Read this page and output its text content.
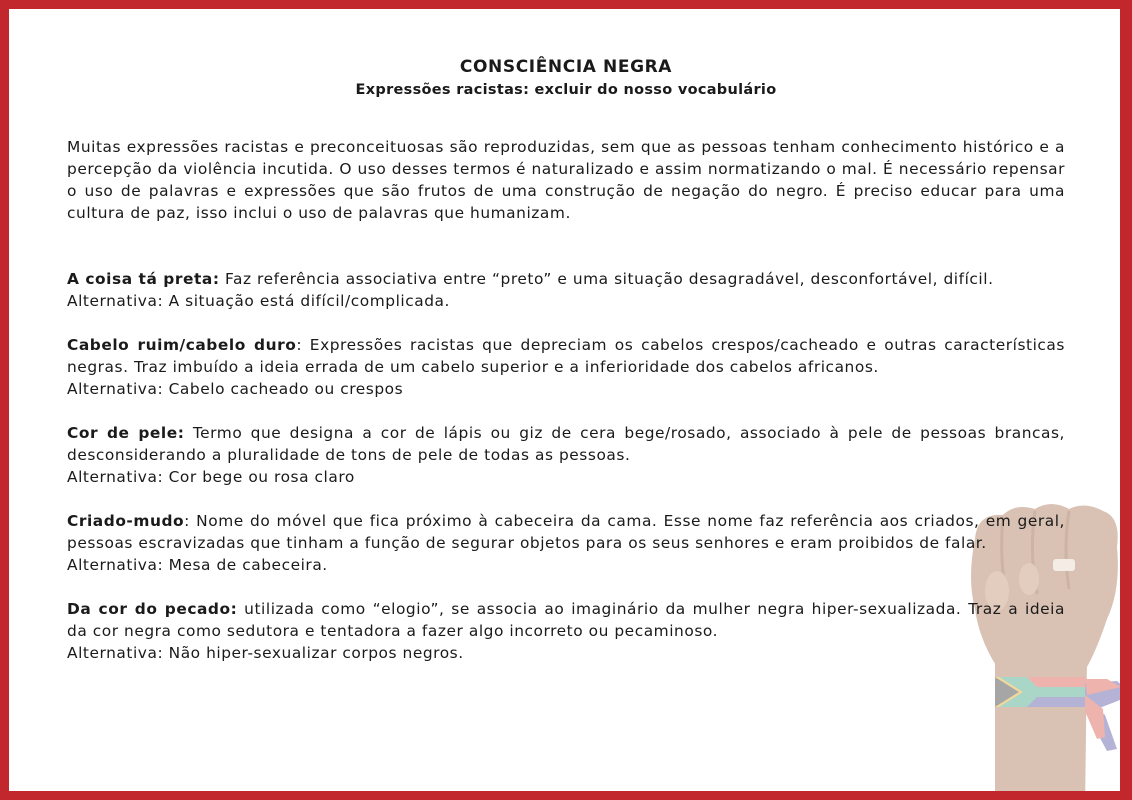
CONSCIÊNCIA NEGRA
Expressões racistas: excluir do nosso vocabulário

Muitas expressões racistas e preconceituosas são reproduzidas, sem que as pessoas tenham conhecimento histórico e a percepção da violência incutida. O uso desses termos é naturalizado e assim normatizando o mal. É necessário repensar o uso de palavras e expressões que são frutos de uma construção de negação do negro. É preciso educar para uma cultura de paz, isso inclui o uso de palavras que humanizam.

A coisa tá preta: Faz referência associativa entre “preto” e uma situação desagradável, desconfortável, difícil.

Alternativa: A situação está difícil/complicada.

Cabelo ruim/cabelo duro: Expressões racistas que depreciam os cabelos crespos/cacheado e outras características negras. Traz imbuído a ideia errada de um cabelo superior e a inferioridade dos cabelos africanos.

Alternativa: Cabelo cacheado ou crespos

Cor de pele: Termo que designa a cor de lápis ou giz de cera bege/rosado, associado à pele de pessoas brancas, desconsiderando a pluralidade de tons de pele de todas as pessoas.

Alternativa: Cor bege ou rosa claro

Criado-mudo: Nome do móvel que fica próximo à cabeceira da cama. Esse nome faz referência aos criados, em geral, pessoas escravizadas que tinham a função de segurar objetos para os seus senhores e eram proibidos de falar.

Alternativa: Mesa de cabeceira.

Da cor do pecado: utilizada como “elogio”, se associa ao imaginário da mulher negra hiper-sexualizada. Traz a ideia da cor negra como sedutora e tentadora a fazer algo incorreto ou pecaminoso.

Alternativa: Não hiper-sexualizar corpos negros.
